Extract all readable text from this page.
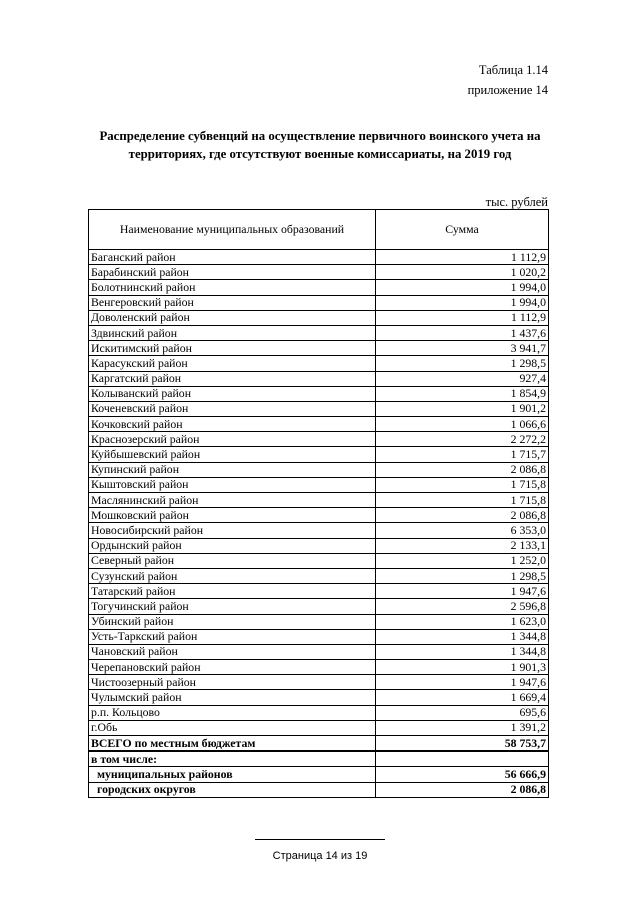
Таблица 1.14
приложение 14
Распределение субвенций на осуществление первичного воинского учета на территориях, где отсутствуют военные комиссариаты, на 2019 год
тыс. рублей
Наименование муниципальных образований	Сумма
Баганский район	1 112,9
Барабинский район	1 020,2
Болотнинский район	1 994,0
Венгеровский район	1 994,0
Доволенский район	1 112,9
Здвинский район	1 437,6
Искитимский район	3 941,7
Карасукский район	1 298,5
Каргатский район	927,4
Колыванский район	1 854,9
Коченевский район	1 901,2
Кочковский район	1 066,6
Краснозерский район	2 272,2
Куйбышевский район	1 715,7
Купинский район	2 086,8
Кыштовский район	1 715,8
Маслянинский район	1 715,8
Мошковский район	2 086,8
Новосибирский район	6 353,0
Ордынский район	2 133,1
Северный район	1 252,0
Сузунский район	1 298,5
Татарский район	1 947,6
Тогучинский район	2 596,8
Убинский район	1 623,0
Усть-Таркский район	1 344,8
Чановский район	1 344,8
Черепановский район	1 901,3
Чистоозерный район	1 947,6
Чулымский район	1 669,4
р.п. Кольцово	695,6
г.Обь	1 391,2
ВСЕГО по местным бюджетам	58 753,7
в том числе:	
муниципальных районов	56 666,9
городских округов	2 086,8
Страница 14 из 19
